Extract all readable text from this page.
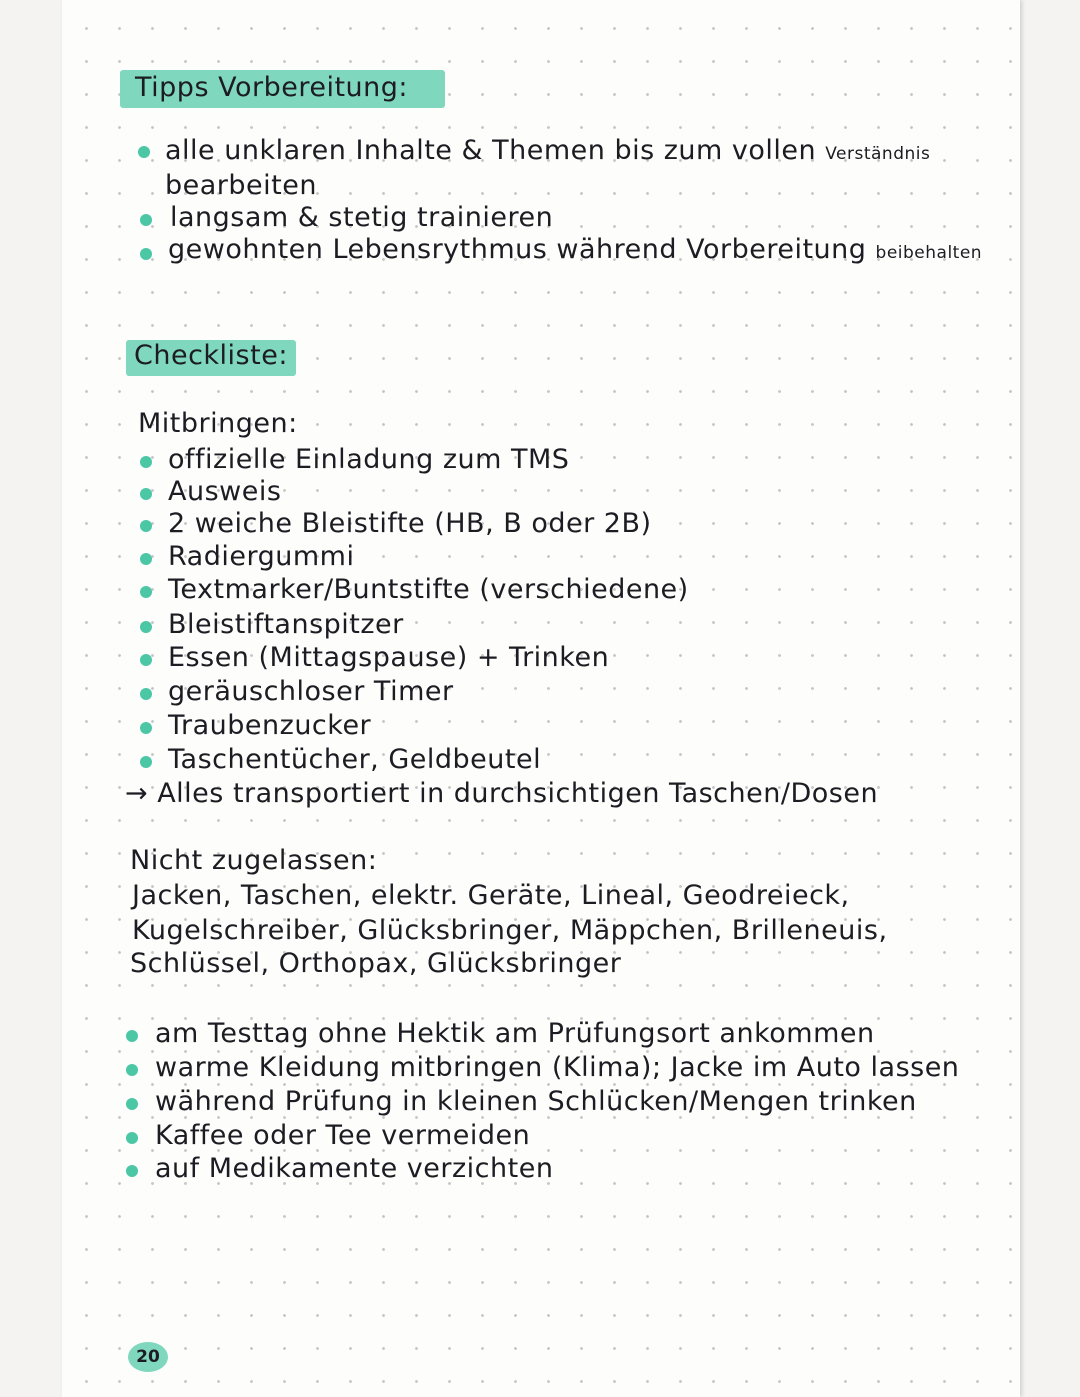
Tipps Vorbereitung:
alle unklaren Inhalte & Themen bis zum vollen Verständnis
bearbeiten
langsam & stetig trainieren
gewohnten Lebensrythmus während Vorbereitung beibehalten
Checkliste:
Mitbringen:
offizielle Einladung zum TMS
Ausweis
2 weiche Bleistifte (HB, B oder 2B)
Radiergummi
Textmarker/Buntstifte (verschiedene)
Bleistiftanspitzer
Essen (Mittagspause) + Trinken
geräuschloser Timer
Traubenzucker
Taschentücher, Geldbeutel
→ Alles transportiert in durchsichtigen Taschen/Dosen
Nicht zugelassen:
Jacken, Taschen, elektr. Geräte, Lineal, Geodreieck,
Kugelschreiber, Glücksbringer, Mäppchen, Brilleneuis,
Schlüssel, Orthopax, Glücksbringer
am Testtag ohne Hektik am Prüfungsort ankommen
warme Kleidung mitbringen (Klima); Jacke im Auto lassen
während Prüfung in kleinen Schlücken/Mengen trinken
Kaffee oder Tee vermeiden
auf Medikamente verzichten
20
